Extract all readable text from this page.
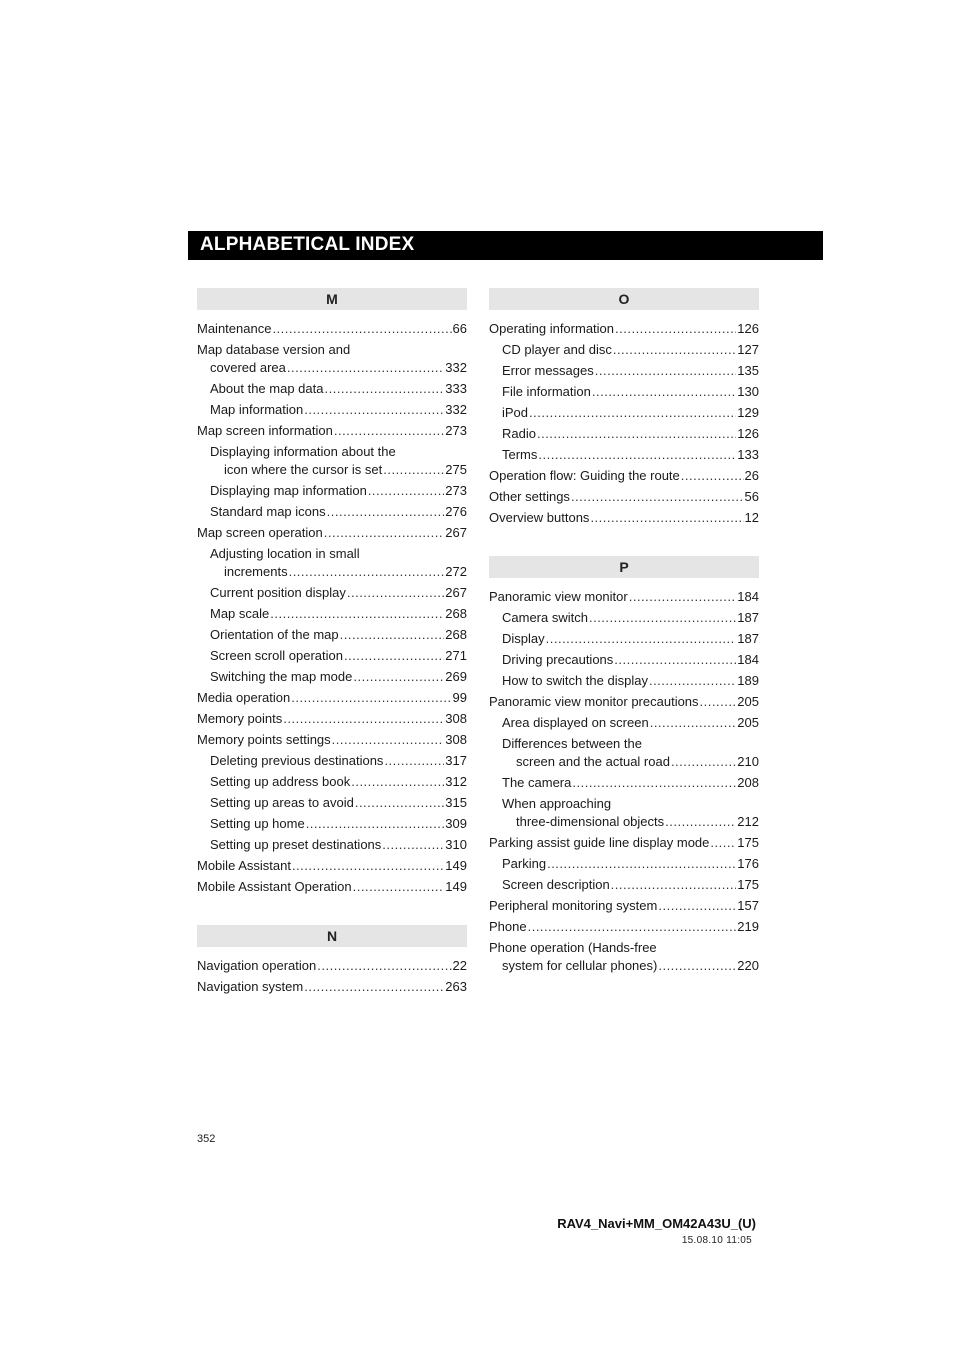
ALPHABETICAL INDEX
M
Maintenance .....	66
Map database version and
covered area .....	332
About the map data .....	333
Map information .....	332
Map screen information .....	273
Displaying information about the
icon where the cursor is set .....	275
Displaying map information .....	273
Standard map icons .....	276
Map screen operation .....	267
Adjusting location in small
increments .....	272
Current position display .....	267
Map scale .....	268
Orientation of the map .....	268
Screen scroll operation .....	271
Switching the map mode .....	269
Media operation .....	99
Memory points .....	308
Memory points settings .....	308
Deleting previous destinations .....	317
Setting up address book .....	312
Setting up areas to avoid .....	315
Setting up home .....	309
Setting up preset destinations .....	310
Mobile Assistant .....	149
Mobile Assistant Operation .....	149
N
Navigation operation .....	22
Navigation system .....	263
O
Operating information .....	126
CD player and disc .....	127
Error messages .....	135
File information .....	130
iPod .....	129
Radio .....	126
Terms .....	133
Operation flow: Guiding the route .....	26
Other settings .....	56
Overview buttons .....	12
P
Panoramic view monitor .....	184
Camera switch .....	187
Display .....	187
Driving precautions .....	184
How to switch the display .....	189
Panoramic view monitor precautions .....	205
Area displayed on screen .....	205
Differences between the
screen and the actual road .....	210
The camera .....	208
When approaching
three-dimensional objects .....	212
Parking assist guide line display mode ..... 175
Parking .....	176
Screen description .....	175
Peripheral monitoring system .....	157
Phone .....	219
Phone operation (Hands-free
system for cellular phones) .....	220
352
RAV4_Navi+MM_OM42A43U_(U)
15.08.10 11:05
